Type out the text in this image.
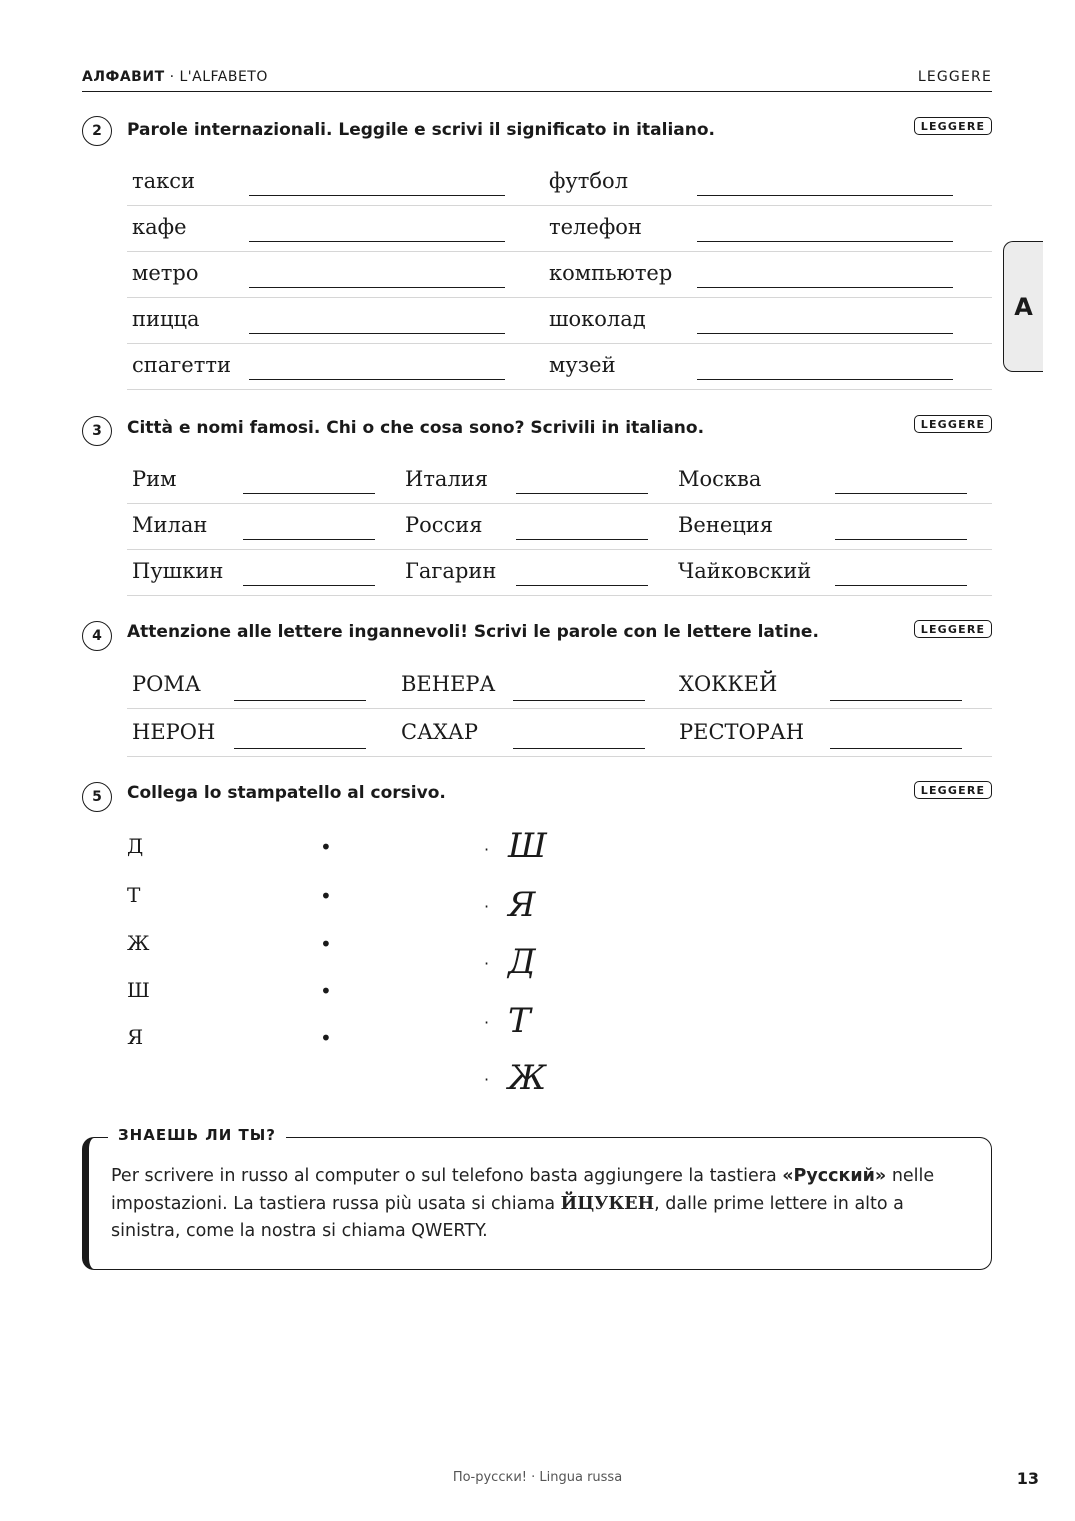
АЛФАВИТ · L'ALFABETO	LEGGERE
A
2	Parole internazionali. Leggile e scrivi il significato in italiano.	LEGGERE
такси	футбол
кафе	телефон
метро	компьютер
пицца	шоколад
спагетти	музей
3	Città e nomi famosi. Chi o che cosa sono? Scrivili in italiano.	LEGGERE
Рим	Италия	Москва
Милан	Россия	Венеция
Пушкин	Гагарин	Чайковский
4	Attenzione alle lettere ingannevoli! Scrivi le parole con le lettere latine.	LEGGERE
РОМА	ВЕНЕРА	ХОККЕЙ
НЕРОН	САХАР	РЕСТОРАН
5	Collega lo stampatello al corsivo.	LEGGERE
Д
Т
Ж
Ш
Я
•
•
•
•
•
·
·
·
·
·
Ш
Я
Д
Т
Ж
ЗНАЕШЬ ЛИ ТЫ?
Per scrivere in russo al computer o sul telefono basta aggiungere la tastiera «Русский» nelle impostazioni. La tastiera russa più usata si chiama ЙЦУКЕН, dalle prime lettere in alto a sinistra, come la nostra si chiama QWERTY.
По-русски! · Lingua russa	13
